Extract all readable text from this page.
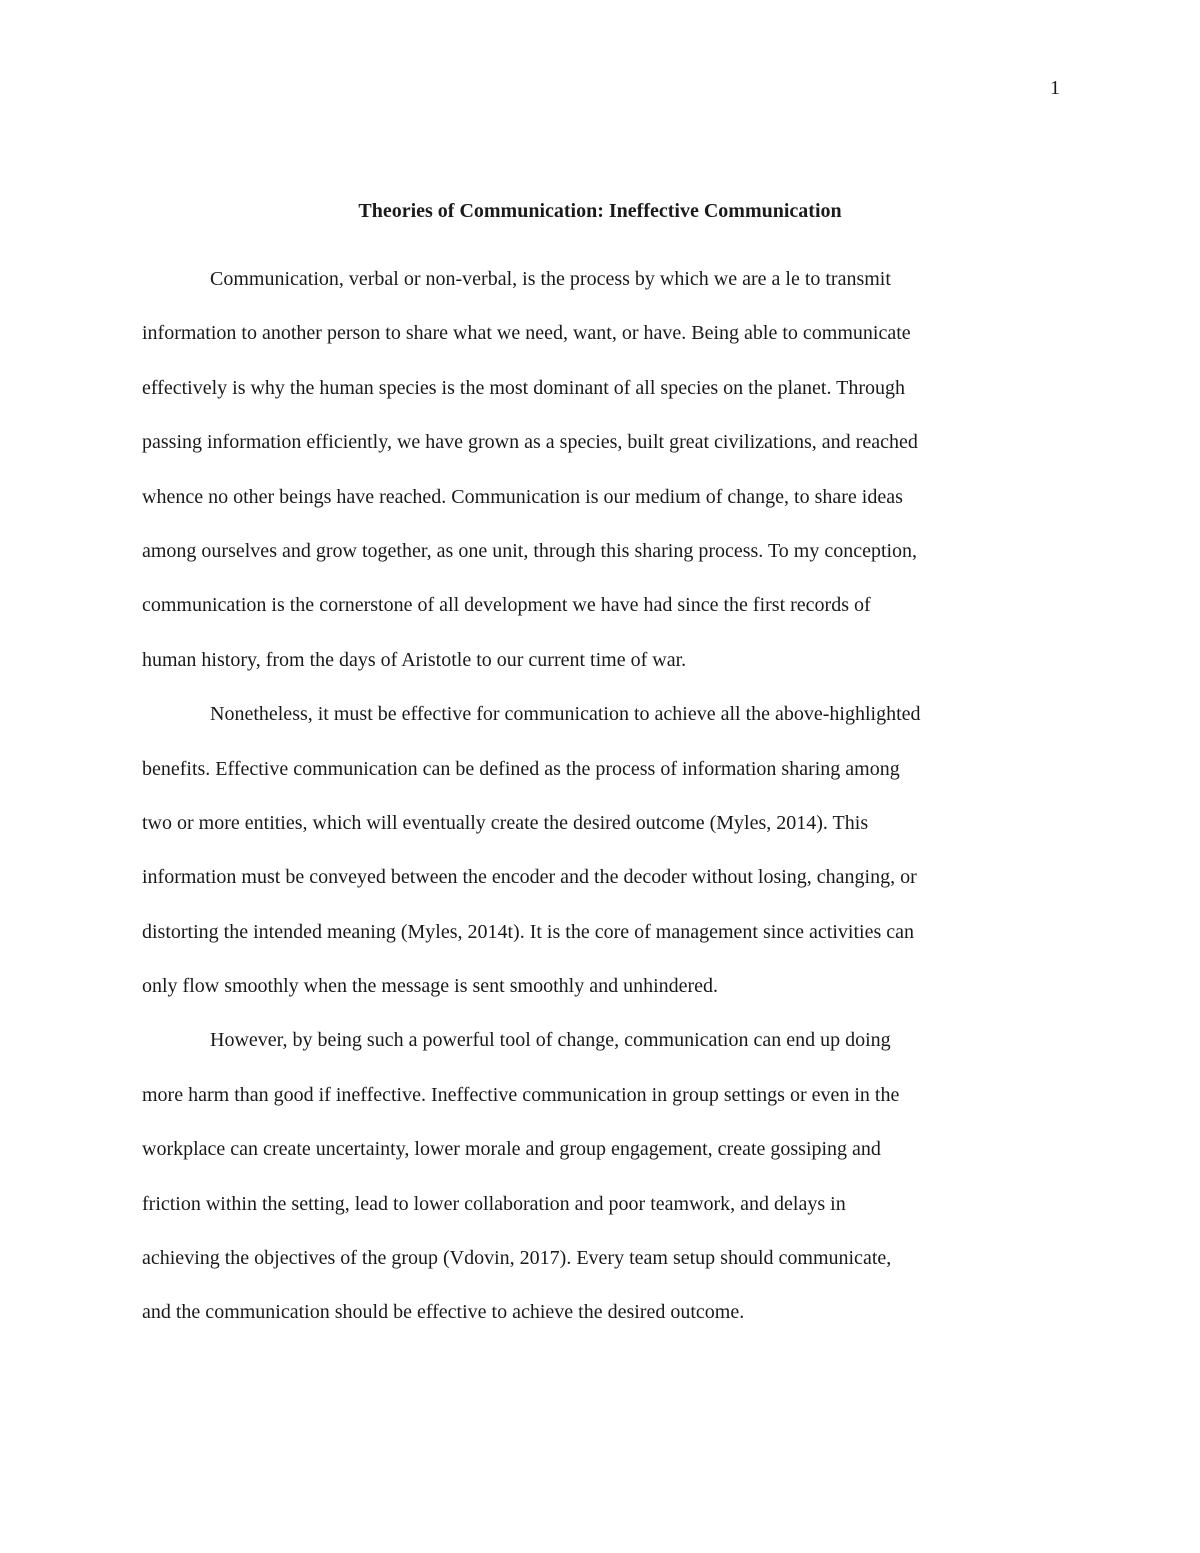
1
Theories of Communication: Ineffective Communication
Communication, verbal or non-verbal, is the process by which we are a le to transmit
information to another person to share what we need, want, or have. Being able to communicate
effectively is why the human species is the most dominant of all species on the planet. Through
passing information efficiently, we have grown as a species, built great civilizations, and reached
whence no other beings have reached. Communication is our medium of change, to share ideas
among ourselves and grow together, as one unit, through this sharing process. To my conception,
communication is the cornerstone of all development we have had since the first records of
human history, from the days of Aristotle to our current time of war.
Nonetheless, it must be effective for communication to achieve all the above-highlighted
benefits. Effective communication can be defined as the process of information sharing among
two or more entities, which will eventually create the desired outcome (Myles, 2014). This
information must be conveyed between the encoder and the decoder without losing, changing, or
distorting the intended meaning (Myles, 2014t). It is the core of management since activities can
only flow smoothly when the message is sent smoothly and unhindered.
However, by being such a powerful tool of change, communication can end up doing
more harm than good if ineffective. Ineffective communication in group settings or even in the
workplace can create uncertainty, lower morale and group engagement, create gossiping and
friction within the setting, lead to lower collaboration and poor teamwork, and delays in
achieving the objectives of the group (Vdovin, 2017). Every team setup should communicate,
and the communication should be effective to achieve the desired outcome.
